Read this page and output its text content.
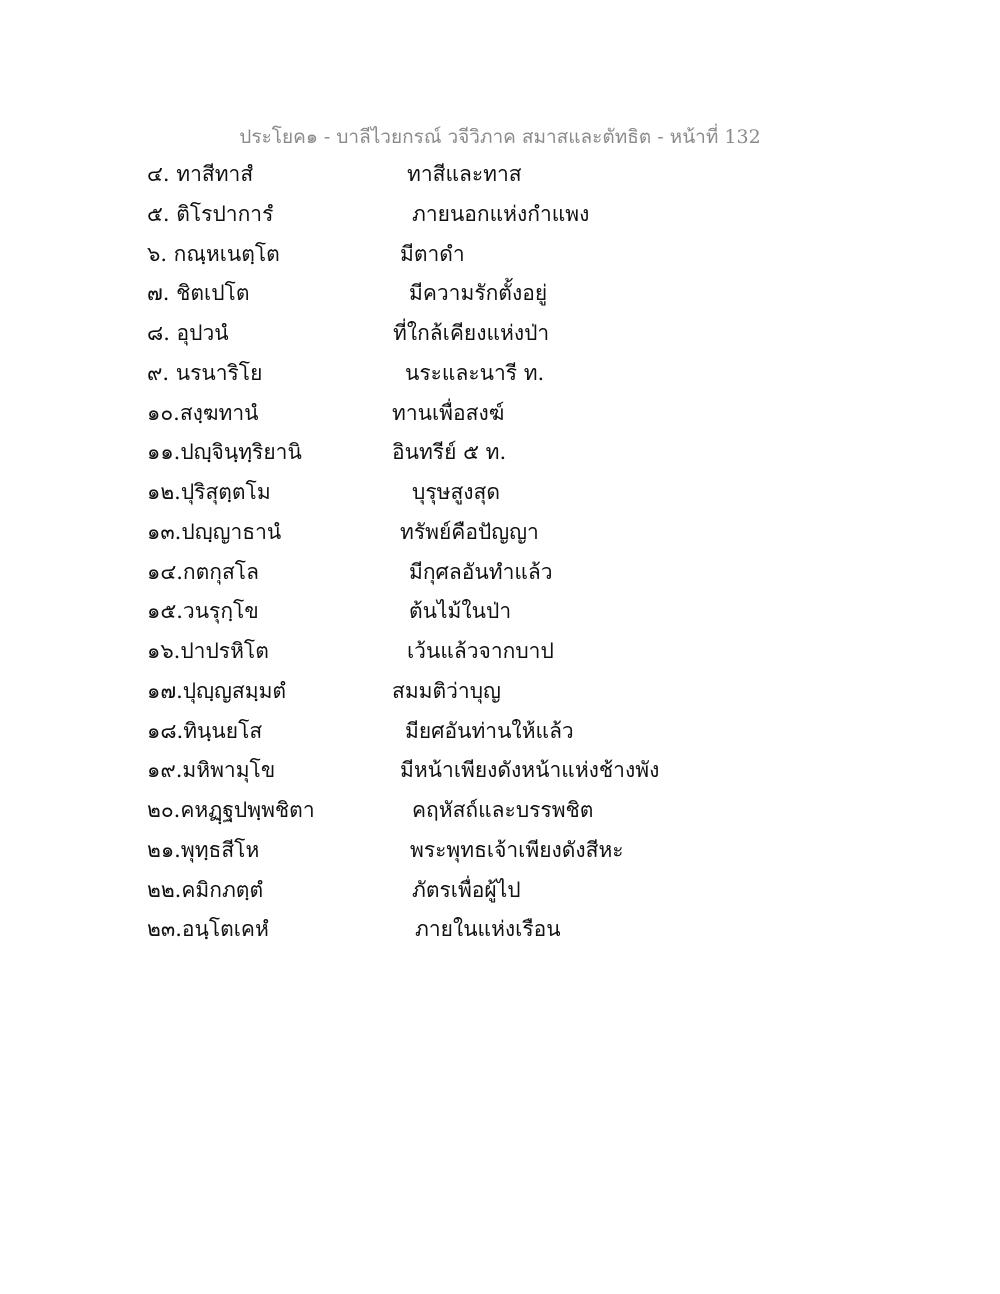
ประโยค๑ - บาลีไวยกรณ์ วจีวิภาค สมาสและตัทธิต - หน้าที่ 132
๔. ทาสีทาสํ	ทาสีและทาส
๕. ติโรปาการํ	ภายนอกแห่งกำแพง
๖. กณฺหเนตฺโต	มีตาดำ
๗. ชิตเปโต	มีความรักตั้งอยู่
๘. อุปวนํ	ที่ใกล้เคียงแห่งป่า
๙. นรนาริโย	นระและนารี ท.
๑๐.สงฺฆทานํ	ทานเพื่อสงฆ์
๑๑.ปญฺจินฺทฺริยานิ	อินทรีย์ ๕ ท.
๑๒.ปุริสุตฺตโม	บุรุษสูงสุด
๑๓.ปญฺญาธานํ	ทรัพย์คือปัญญา
๑๔.กตกุสโล	มีกุศลอันทำแล้ว
๑๕.วนรุกฺโข	ต้นไม้ในป่า
๑๖.ปาปรหิโต	เว้นแล้วจากบาป
๑๗.ปุญฺญสมฺมตํ	สมมติว่าบุญ
๑๘.ทินฺนยโส	มียศอันท่านให้แล้ว
๑๙.มหิพามุโข	มีหน้าเพียงดังหน้าแห่งช้างพัง
๒๐.คหฏฺฐปพฺพชิตา	คฤหัสถ์และบรรพชิต
๒๑.พุทฺธสีโห	พระพุทธเจ้าเพียงดังสีหะ
๒๒.คมิกภตฺตํ	ภัตรเพื่อผู้ไป
๒๓.อนฺโตเคหํ	ภายในแห่งเรือน
